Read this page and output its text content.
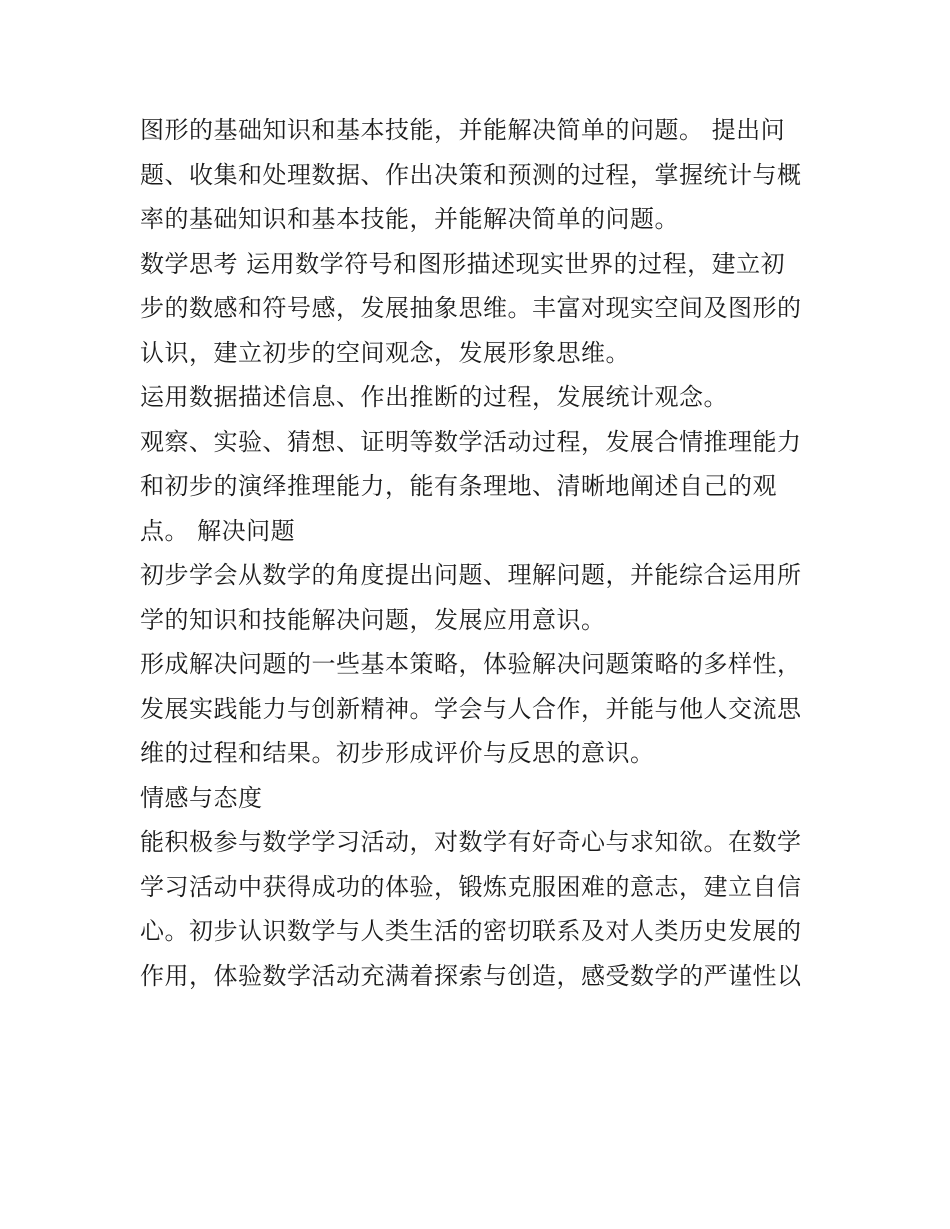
图形的基础知识和基本技能，并能解决简单的问题。 提出问
题、收集和处理数据、作出决策和预测的过程，掌握统计与概
率的基础知识和基本技能，并能解决简单的问题。
数学思考 运用数学符号和图形描述现实世界的过程，建立初
步的数感和符号感，发展抽象思维。丰富对现实空间及图形的
认识，建立初步的空间观念，发展形象思维。
运用数据描述信息、作出推断的过程，发展统计观念。
观察、实验、猜想、证明等数学活动过程，发展合情推理能力
和初步的演绎推理能力，能有条理地、清晰地阐述自己的观
点。 解决问题
初步学会从数学的角度提出问题、理解问题，并能综合运用所
学的知识和技能解决问题，发展应用意识。
形成解决问题的一些基本策略，体验解决问题策略的多样性，
发展实践能力与创新精神。学会与人合作，并能与他人交流思
维的过程和结果。初步形成评价与反思的意识。
情感与态度
能积极参与数学学习活动，对数学有好奇心与求知欲。在数学
学习活动中获得成功的体验，锻炼克服困难的意志，建立自信
心。初步认识数学与人类生活的密切联系及对人类历史发展的
作用，体验数学活动充满着探索与创造，感受数学的严谨性以
